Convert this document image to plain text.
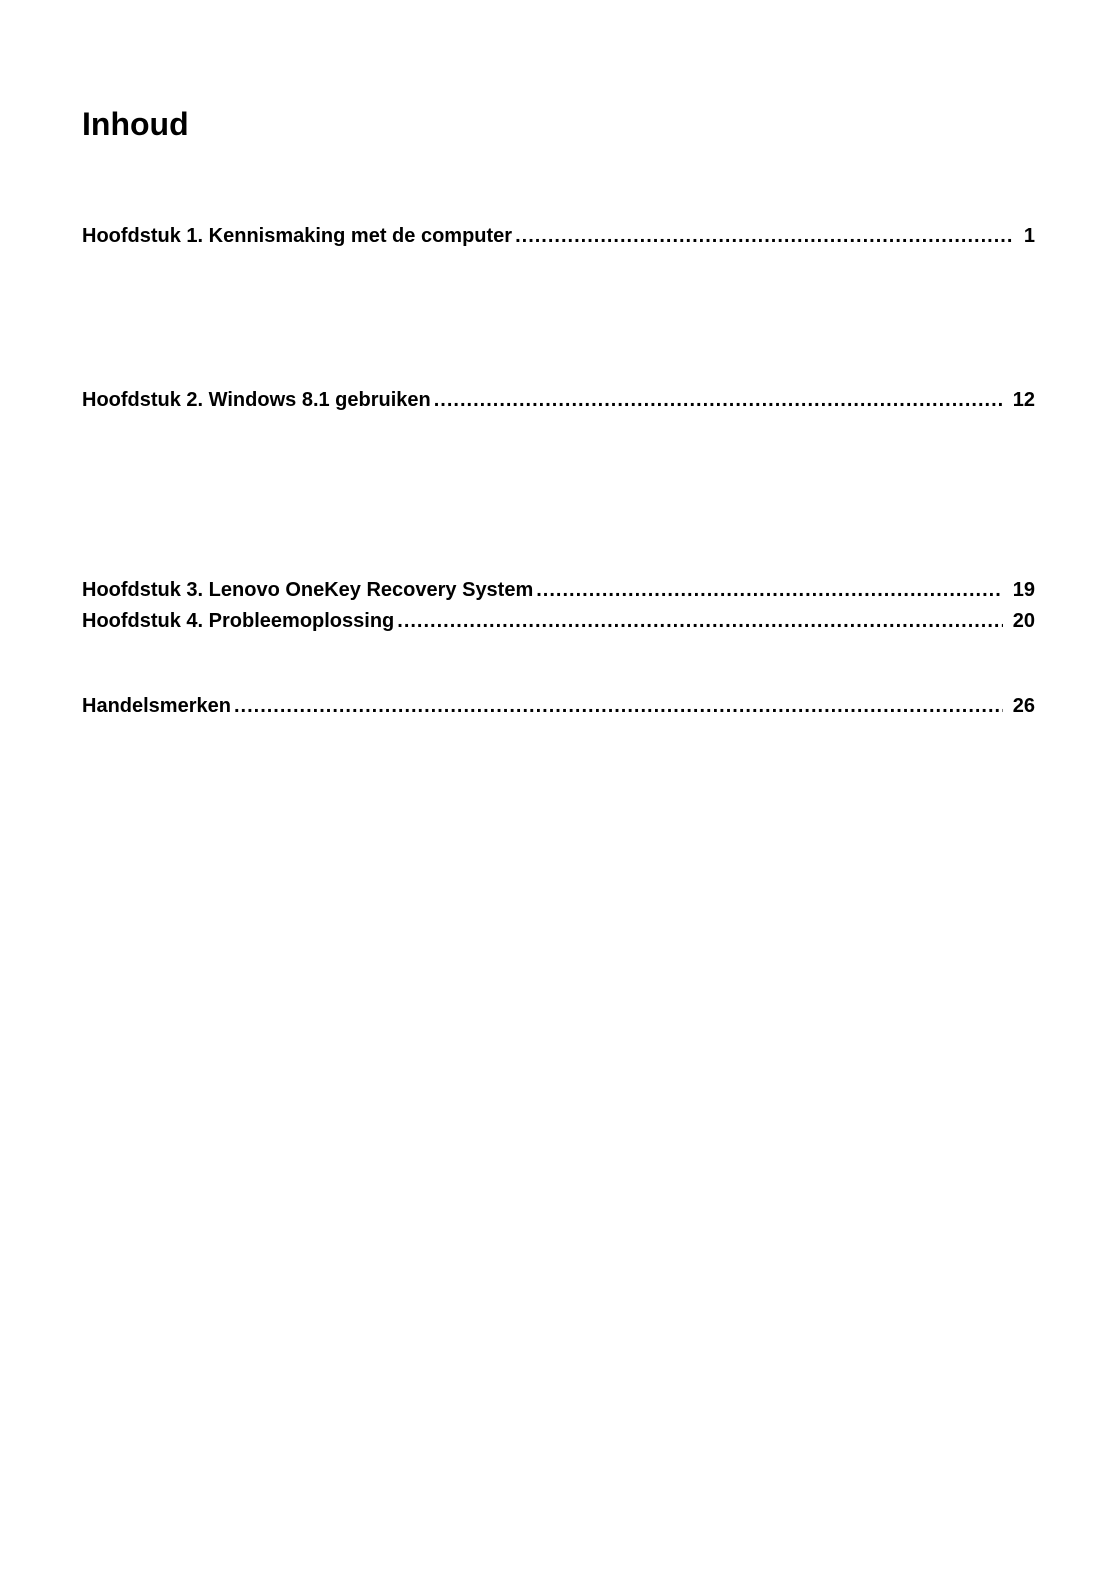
Inhoud
Hoofdstuk 1. Kennismaking met de computer .....	1
Hoofdstuk 2. Windows 8.1 gebruiken .....	12
Hoofdstuk 3. Lenovo OneKey Recovery System .....	19
Hoofdstuk 4. Probleemoplossing .....	20
Handelsmerken .....	26
